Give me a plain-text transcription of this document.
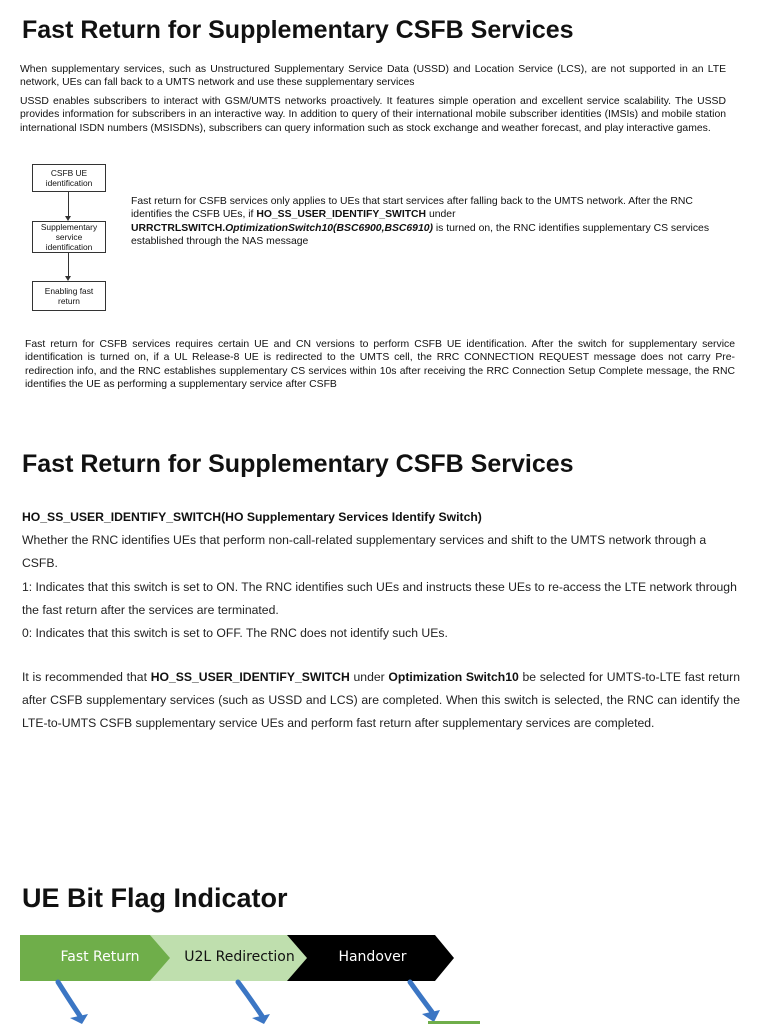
Fast Return for Supplementary CSFB Services

When supplementary services, such as Unstructured Supplementary Service Data (USSD) and Location Service (LCS), are not supported in an LTE network, UEs can fall back to a UMTS network and use these supplementary services

USSD enables subscribers to interact with GSM/UMTS networks proactively. It features simple operation and excellent service scalability. The USSD provides information for subscribers in an interactive way. In addition to query of their international mobile subscriber identities (IMSIs) and mobile station international ISDN numbers (MSISDNs), subscribers can query information such as stock exchange and weather forecast, and play interactive games.

CSFB UE identification
Supplementary service identification
Enabling fast return

Fast return for CSFB services only applies to UEs that start services after falling back to the UMTS network. After the RNC identifies the CSFB UEs, if HO_SS_USER_IDENTIFY_SWITCH under
URRCTRLSWITCH.OptimizationSwitch10(BSC6900,BSC6910) is turned on, the RNC identifies supplementary CS services established through the NAS message

Fast return for CSFB services requires certain UE and CN versions to perform CSFB UE identification. After the switch for supplementary service identification is turned on, if a UL Release-8 UE is redirected to the UMTS cell, the RRC CONNECTION REQUEST message does not carry Pre-redirection info, and the RNC establishes supplementary CS services within 10s after receiving the RRC Connection Setup Complete message, the RNC identifies the UE as performing a supplementary service after CSFB

Fast Return for Supplementary CSFB Services

HO_SS_USER_IDENTIFY_SWITCH(HO Supplementary Services Identify Switch)

Whether the RNC identifies UEs that perform non-call-related supplementary services and shift to the UMTS network through a CSFB.

1: Indicates that this switch is set to ON. The RNC identifies such UEs and instructs these UEs to re-access the LTE network through the fast return after the services are terminated.

0: Indicates that this switch is set to OFF. The RNC does not identify such UEs.

It is recommended that HO_SS_USER_IDENTIFY_SWITCH under Optimization Switch10 be selected for UMTS-to-LTE fast return after CSFB supplementary services (such as USSD and LCS) are completed. When this switch is selected, the RNC can identify the LTE-to-UMTS CSFB supplementary service UEs and perform fast return after supplementary services are completed.

UE Bit Flag Indicator
Fast Return	U2L Redirection	Handover
